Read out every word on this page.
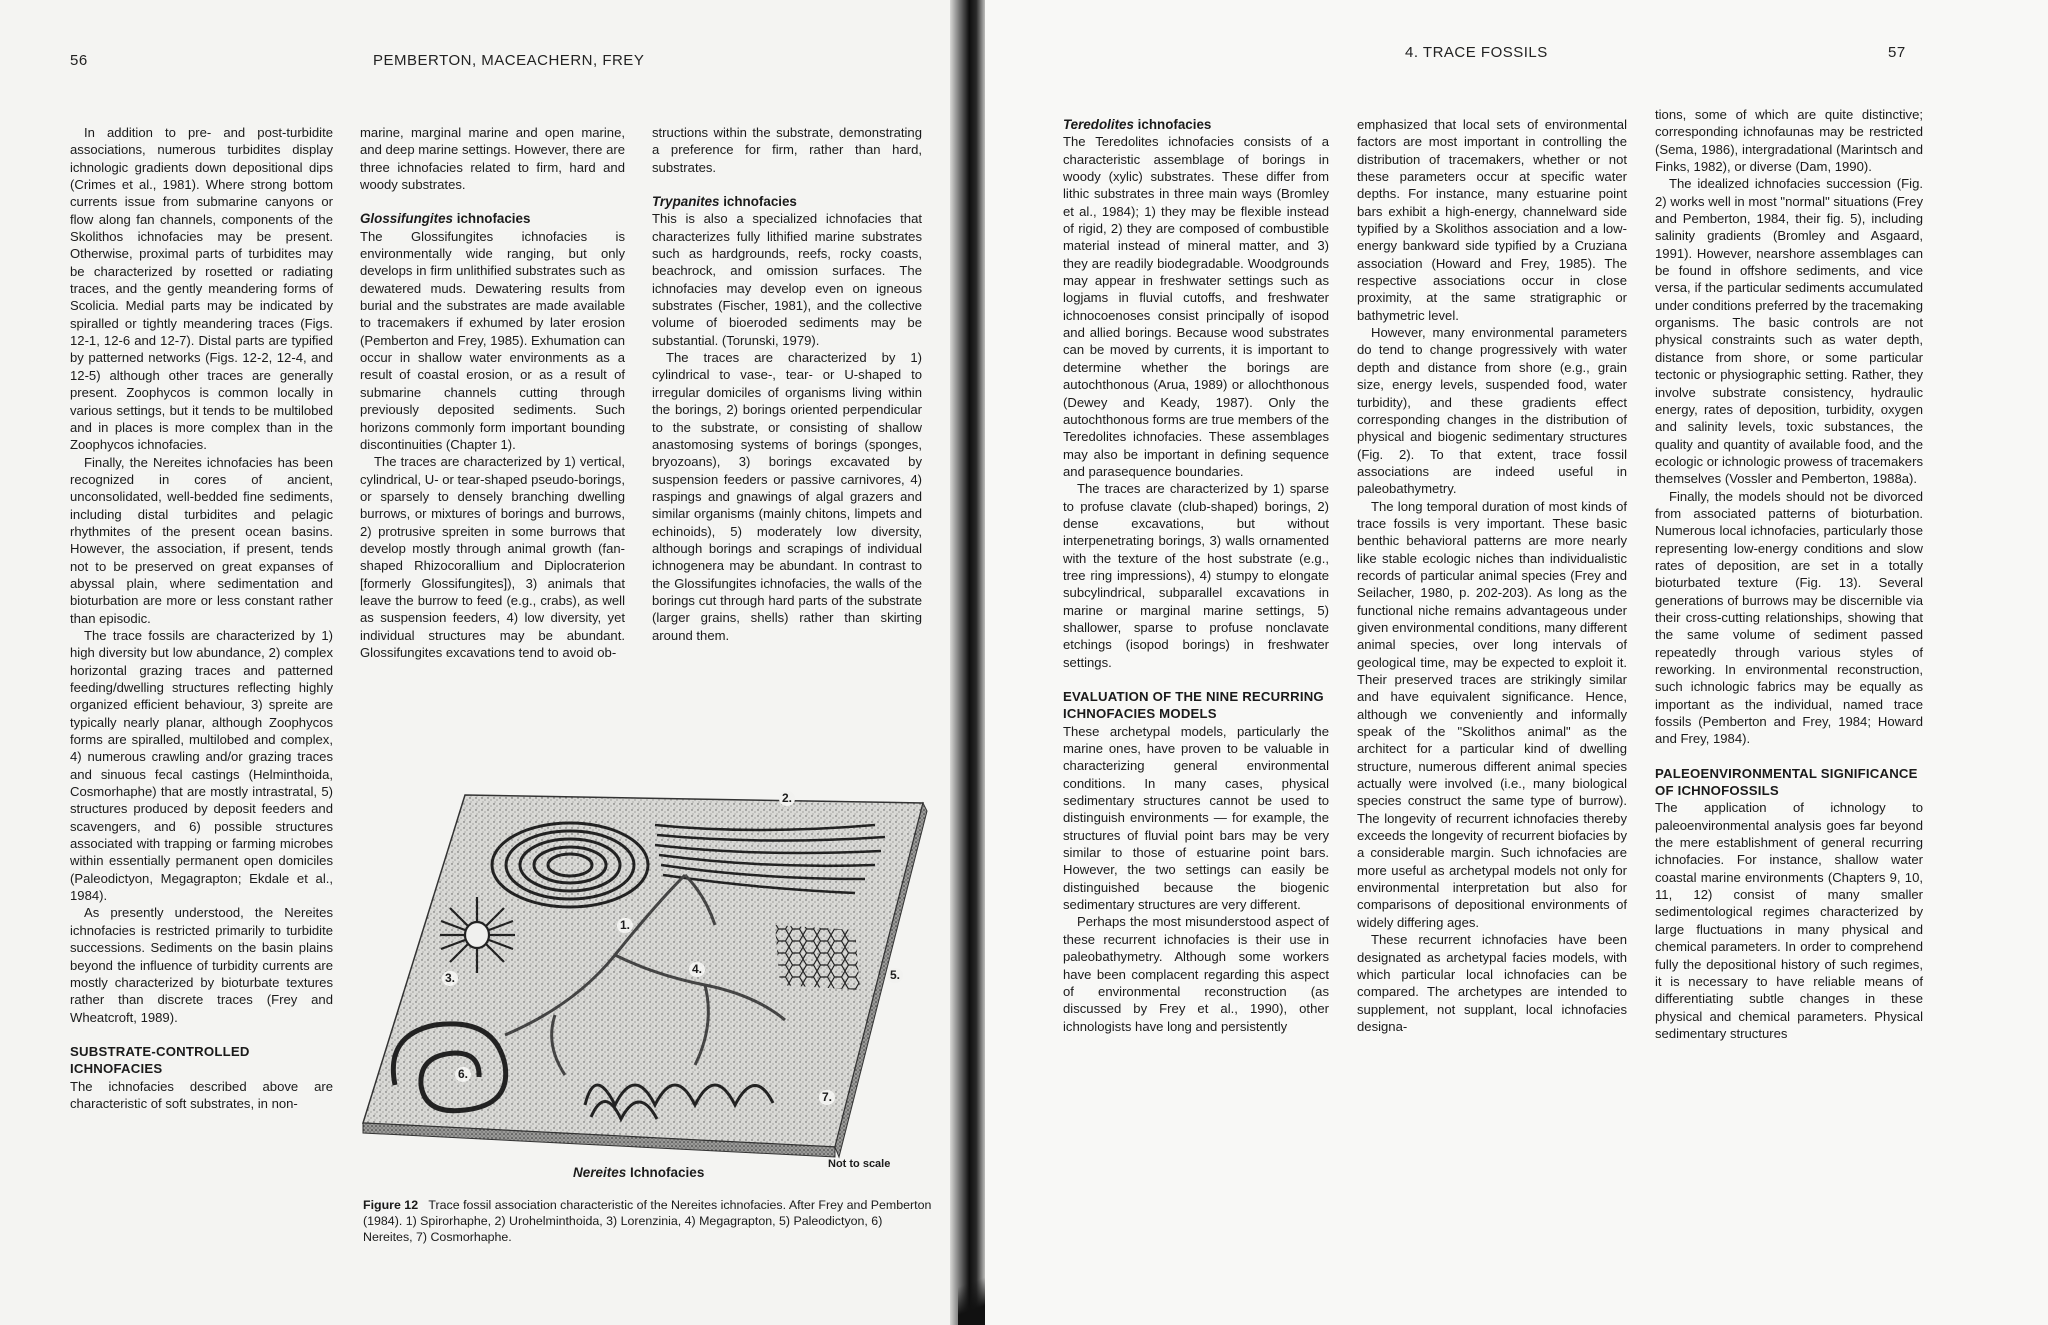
56	PEMBERTON, MACEACHERN, FREY

In addition to pre- and post-turbidite associations, numerous turbidites display ichnologic gradients down depositional dips (Crimes et al., 1981). Where strong bottom currents issue from submarine canyons or flow along fan channels, components of the Skolithos ichnofacies may be present. Otherwise, proximal parts of turbidites may be characterized by rosetted or radiating traces, and the gently meandering forms of Scolicia. Medial parts may be indicated by spiralled or tightly meandering traces (Figs. 12-1, 12-6 and 12-7). Distal parts are typified by patterned networks (Figs. 12-2, 12-4, and 12-5) although other traces are generally present. Zoophycos is common locally in various settings, but it tends to be multilobed and in places is more complex than in the Zoophycos ichnofacies.

Finally, the Nereites ichnofacies has been recognized in cores of ancient, unconsolidated, well-bedded fine sediments, including distal turbidites and pelagic rhythmites of the present ocean basins. However, the association, if present, tends not to be preserved on great expanses of abyssal plain, where sedimentation and bioturbation are more or less constant rather than episodic.

The trace fossils are characterized by 1) high diversity but low abundance, 2) complex horizontal grazing traces and patterned feeding/dwelling structures reflecting highly organized efficient behaviour, 3) spreite are typically nearly planar, although Zoophycos forms are spiralled, multilobed and complex, 4) numerous crawling and/or grazing traces and sinuous fecal castings (Helminthoida, Cosmorhaphe) that are mostly intrastratal, 5) structures produced by deposit feeders and scavengers, and 6) possible structures associated with trapping or farming microbes within essentially permanent open domiciles (Paleodictyon, Megagrapton; Ekdale et al., 1984).

As presently understood, the Nereites ichnofacies is restricted primarily to turbidite successions. Sediments on the basin plains beyond the influence of turbidity currents are mostly characterized by bioturbate textures rather than discrete traces (Frey and Wheatcroft, 1989).

SUBSTRATE-CONTROLLED ICHNOFACIES

The ichnofacies described above are characteristic of soft substrates, in non-

marine, marginal marine and open marine, and deep marine settings. However, there are three ichnofacies related to firm, hard and woody substrates.

Glossifungites ichnofacies

The Glossifungites ichnofacies is environmentally wide ranging, but only develops in firm unlithified substrates such as dewatered muds. Dewatering results from burial and the substrates are made available to tracemakers if exhumed by later erosion (Pemberton and Frey, 1985). Exhumation can occur in shallow water environments as a result of coastal erosion, or as a result of submarine channels cutting through previously deposited sediments. Such horizons commonly form important bounding discontinuities (Chapter 1).

The traces are characterized by 1) vertical, cylindrical, U- or tear-shaped pseudo-borings, or sparsely to densely branching dwelling burrows, or mixtures of borings and burrows, 2) protrusive spreiten in some burrows that develop mostly through animal growth (fan-shaped Rhizocorallium and Diplocraterion [formerly Glossifungites]), 3) animals that leave the burrow to feed (e.g., crabs), as well as suspension feeders, 4) low diversity, yet individual structures may be abundant. Glossifungites excavations tend to avoid ob-

structions within the substrate, demonstrating a preference for firm, rather than hard, substrates.

Trypanites ichnofacies

This is also a specialized ichnofacies that characterizes fully lithified marine substrates such as hardgrounds, reefs, rocky coasts, beachrock, and omission surfaces. The ichnofacies may develop even on igneous substrates (Fischer, 1981), and the collective volume of bioeroded sediments may be substantial. (Torunski, 1979).

The traces are characterized by 1) cylindrical to vase-, tear- or U-shaped to irregular domiciles of organisms living within the borings, 2) borings oriented perpendicular to the substrate, or consisting of shallow anastomosing systems of borings (sponges, bryozoans), 3) borings excavated by suspension feeders or passive carnivores, 4) raspings and gnawings of algal grazers and similar organisms (mainly chitons, limpets and echinoids), 5) moderately low diversity, although borings and scrapings of individual ichnogenera may be abundant. In contrast to the Glossifungites ichnofacies, the walls of the borings cut through hard parts of the substrate (larger grains, shells) rather than skirting around them.

1.
2.
3.
4.	5.
6.
7.
Nereites Ichnofacies
Not to scale
Figure 12 Trace fossil association characteristic of the Nereites ichnofacies. After Frey and Pemberton (1984). 1) Spirorhaphe, 2) Urohelminthoida, 3) Lorenzinia, 4) Megagrapton, 5) Paleodictyon, 6) Nereites, 7) Cosmorhaphe.
4. TRACE FOSSILS	57
Teredolites ichnofacies

The Teredolites ichnofacies consists of a characteristic assemblage of borings in woody (xylic) substrates. These differ from lithic substrates in three main ways (Bromley et al., 1984); 1) they may be flexible instead of rigid, 2) they are composed of combustible material instead of mineral matter, and 3) they are readily biodegradable. Woodgrounds may appear in freshwater settings such as logjams in fluvial cutoffs, and freshwater ichnocoenoses consist principally of isopod and allied borings. Because wood substrates can be moved by currents, it is important to determine whether the borings are autochthonous (Arua, 1989) or allochthonous (Dewey and Keady, 1987). Only the autochthonous forms are true members of the Teredolites ichnofacies. These assemblages may also be important in defining sequence and parasequence boundaries.

The traces are characterized by 1) sparse to profuse clavate (club-shaped) borings, 2) dense excavations, but without interpenetrating borings, 3) walls ornamented with the texture of the host substrate (e.g., tree ring impressions), 4) stumpy to elongate subcylindrical, subparallel excavations in marine or marginal marine settings, 5) shallower, sparse to profuse nonclavate etchings (isopod borings) in freshwater settings.

EVALUATION OF THE NINE RECURRING ICHNOFACIES MODELS

These archetypal models, particularly the marine ones, have proven to be valuable in characterizing general environmental conditions. In many cases, physical sedimentary structures cannot be used to distinguish environments — for example, the structures of fluvial point bars may be very similar to those of estuarine point bars. However, the two settings can easily be distinguished because the biogenic sedimentary structures are very different.

Perhaps the most misunderstood aspect of these recurrent ichnofacies is their use in paleobathymetry. Although some workers have been complacent regarding this aspect of environmental reconstruction (as discussed by Frey et al., 1990), other ichnologists have long and persistently

emphasized that local sets of environmental factors are most important in controlling the distribution of tracemakers, whether or not these parameters occur at specific water depths. For instance, many estuarine point bars exhibit a high-energy, channelward side typified by a Skolithos association and a low-energy bankward side typified by a Cruziana association (Howard and Frey, 1985). The respective associations occur in close proximity, at the same stratigraphic or bathymetric level.

However, many environmental parameters do tend to change progressively with water depth and distance from shore (e.g., grain size, energy levels, suspended food, water turbidity), and these gradients effect corresponding changes in the distribution of physical and biogenic sedimentary structures (Fig. 2). To that extent, trace fossil associations are indeed useful in paleobathymetry.

The long temporal duration of most kinds of trace fossils is very important. These basic benthic behavioral patterns are more nearly like stable ecologic niches than individualistic records of particular animal species (Frey and Seilacher, 1980, p. 202-203). As long as the functional niche remains advantageous under given environmental conditions, many different animal species, over long intervals of geological time, may be expected to exploit it. Their preserved traces are strikingly similar and have equivalent significance. Hence, although we conveniently and informally speak of the "Skolithos animal" as the architect for a particular kind of dwelling structure, numerous different animal species actually were involved (i.e., many biological species construct the same type of burrow). The longevity of recurrent ichnofacies thereby exceeds the longevity of recurrent biofacies by a considerable margin. Such ichnofacies are more useful as archetypal models not only for environmental interpretation but also for comparisons of depositional environments of widely differing ages.

These recurrent ichnofacies have been designated as archetypal facies models, with which particular local ichnofacies can be compared. The archetypes are intended to supplement, not supplant, local ichnofacies designa-

tions, some of which are quite distinctive; corresponding ichnofaunas may be restricted (Sema, 1986), intergradational (Marintsch and Finks, 1982), or diverse (Dam, 1990).

The idealized ichnofacies succession (Fig. 2) works well in most "normal" situations (Frey and Pemberton, 1984, their fig. 5), including salinity gradients (Bromley and Asgaard, 1991). However, nearshore assemblages can be found in offshore sediments, and vice versa, if the particular sediments accumulated under conditions preferred by the tracemaking organisms. The basic controls are not physical constraints such as water depth, distance from shore, or some particular tectonic or physiographic setting. Rather, they involve substrate consistency, hydraulic energy, rates of deposition, turbidity, oxygen and salinity levels, toxic substances, the quality and quantity of available food, and the ecologic or ichnologic prowess of tracemakers themselves (Vossler and Pemberton, 1988a).

Finally, the models should not be divorced from associated patterns of bioturbation. Numerous local ichnofacies, particularly those representing low-energy conditions and slow rates of deposition, are set in a totally bioturbated texture (Fig. 13). Several generations of burrows may be discernible via their cross-cutting relationships, showing that the same volume of sediment passed repeatedly through various styles of reworking. In environmental reconstruction, such ichnologic fabrics may be equally as important as the individual, named trace fossils (Pemberton and Frey, 1984; Howard and Frey, 1984).

PALEOENVIRONMENTAL SIGNIFICANCE OF ICHNOFOSSILS

The application of ichnology to paleoenvironmental analysis goes far beyond the mere establishment of general recurring ichnofacies. For instance, shallow water coastal marine environments (Chapters 9, 10, 11, 12) consist of many smaller sedimentological regimes characterized by large fluctuations in many physical and chemical parameters. In order to comprehend fully the depositional history of such regimes, it is necessary to have reliable means of differentiating subtle changes in these physical and chemical parameters. Physical sedimentary structures
